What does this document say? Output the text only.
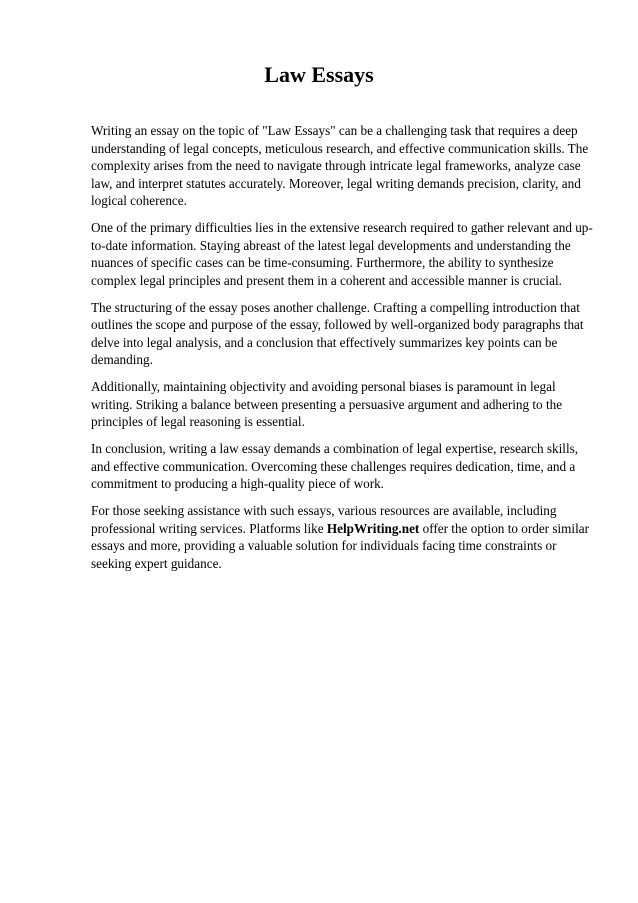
Law Essays

Writing an essay on the topic of "Law Essays" can be a challenging task that requires a deep understanding of legal concepts, meticulous research, and effective communication skills. The complexity arises from the need to navigate through intricate legal frameworks, analyze case law, and interpret statutes accurately. Moreover, legal writing demands precision, clarity, and logical coherence.

One of the primary difficulties lies in the extensive research required to gather relevant and up-to-date information. Staying abreast of the latest legal developments and understanding the nuances of specific cases can be time-consuming. Furthermore, the ability to synthesize complex legal principles and present them in a coherent and accessible manner is crucial.

The structuring of the essay poses another challenge. Crafting a compelling introduction that outlines the scope and purpose of the essay, followed by well-organized body paragraphs that delve into legal analysis, and a conclusion that effectively summarizes key points can be demanding.

Additionally, maintaining objectivity and avoiding personal biases is paramount in legal writing. Striking a balance between presenting a persuasive argument and adhering to the principles of legal reasoning is essential.

In conclusion, writing a law essay demands a combination of legal expertise, research skills, and effective communication. Overcoming these challenges requires dedication, time, and a commitment to producing a high-quality piece of work.

For those seeking assistance with such essays, various resources are available, including professional writing services. Platforms like HelpWriting.net offer the option to order similar essays and more, providing a valuable solution for individuals facing time constraints or seeking expert guidance.
